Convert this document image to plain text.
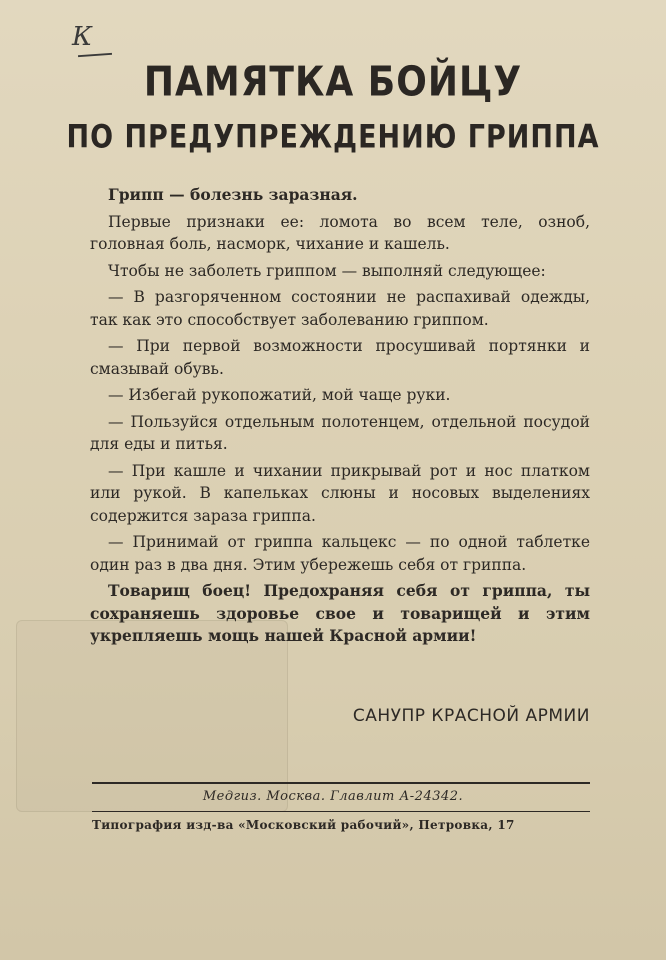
К
ПАМЯТКА БОЙЦУ
ПО ПРЕДУПРЕЖДЕНИЮ ГРИППА

Грипп — болезнь заразная.

Первые признаки ее: ломота во всем теле, озноб, головная боль, насморк, чихание и кашель.

Чтобы не заболеть гриппом — выполняй следующее:

— В разгоряченном состоянии не распахивай одежды, так как это способствует заболеванию гриппом.

— При первой возможности просушивай портянки и смазывай обувь.

— Избегай рукопожатий, мой чаще руки.

— Пользуйся отдельным полотенцем, отдельной посудой для еды и питья.

— При кашле и чихании прикрывай рот и нос платком или рукой. В капельках слюны и носовых выделениях содержится зараза гриппа.

— Принимай от гриппа кальцекс — по одной таблетке один раз в два дня. Этим убережешь себя от гриппа.

Товарищ боец! Предохраняя себя от гриппа, ты сохраняешь здоровье свое и товарищей и этим укрепляешь мощь нашей Красной армии!

САНУПР КРАСНОЙ АРМИИ
Медгиз. Москва. Главлит А-24342.
Типография изд-ва «Московский рабочий», Петровка, 17
